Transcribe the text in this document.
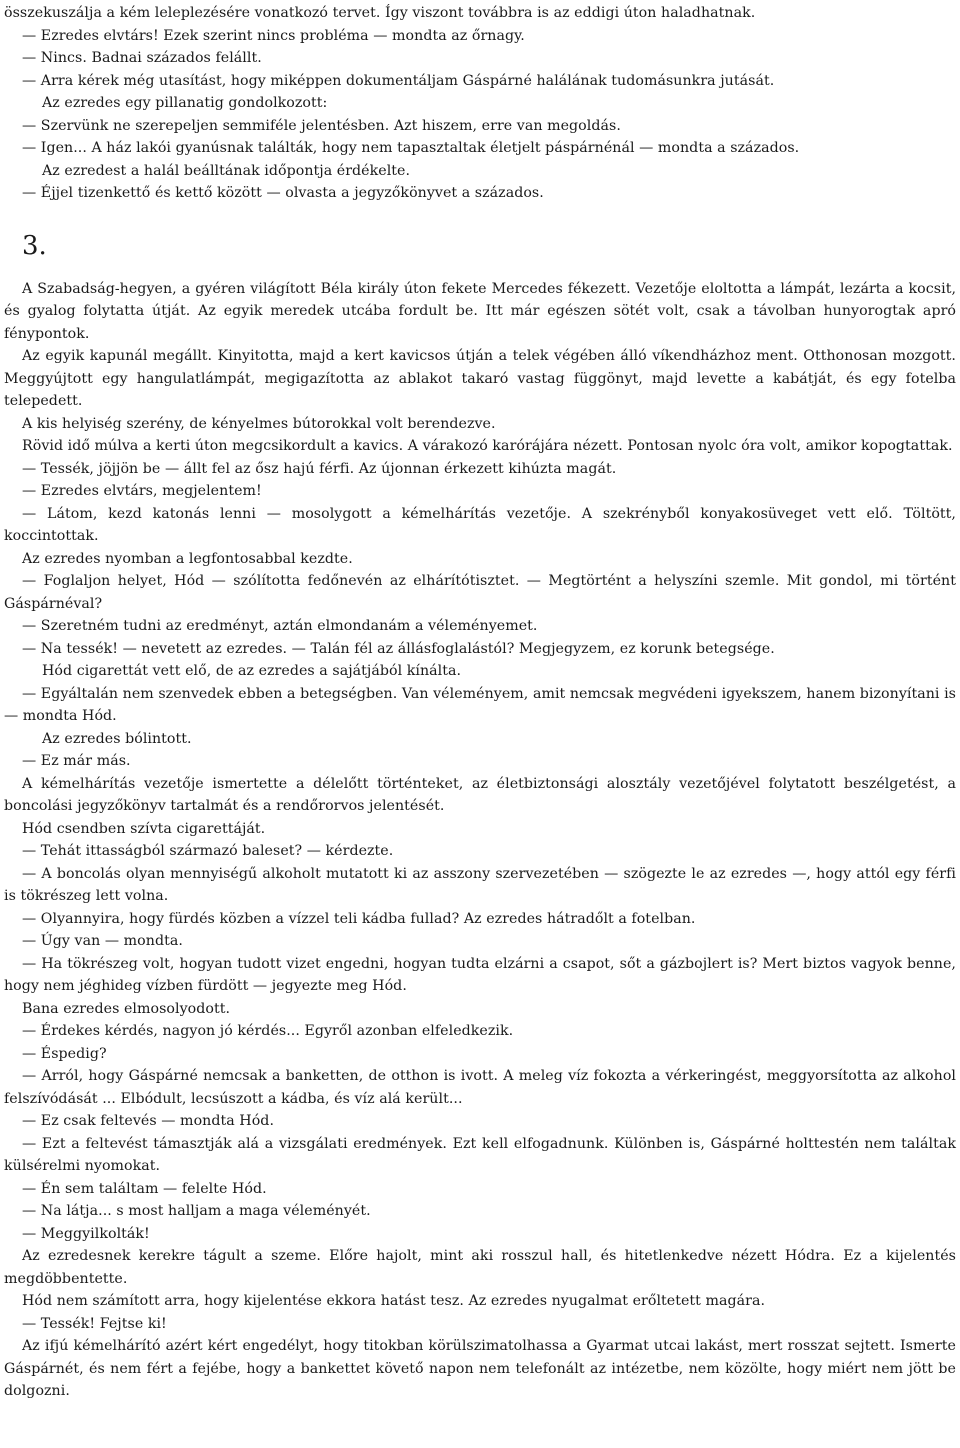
összekuszálja a kém leleplezésére vonatkozó tervet. Így viszont továbbra is az eddigi úton haladhatnak.

— Ezredes elvtárs! Ezek szerint nincs probléma — mondta az őrnagy.

— Nincs. Badnai százados felállt.

— Arra kérek még utasítást, hogy miképpen dokumentáljam Gáspárné halálának tudomásunkra jutását.

Az ezredes egy pillanatig gondolkozott:

— Szervünk ne szerepeljen semmiféle jelentésben. Azt hiszem, erre van megoldás.

— Igen... A ház lakói gyanúsnak találták, hogy nem tapasztaltak életjelt páspárnénál — mondta a százados.

Az ezredest a halál beálltának időpontja érdékelte.

— Éjjel tizenkettő és kettő között — olvasta a jegyzőkönyvet a százados.

3.

A Szabadság-hegyen, a gyéren világított Béla király úton fekete Mercedes fékezett. Vezetője eloltotta a lámpát, lezárta a kocsit, és gyalog folytatta útját. Az egyik meredek utcába fordult be. Itt már egészen sötét volt, csak a távolban hunyorogtak apró fénypontok.

Az egyik kapunál megállt. Kinyitotta, majd a kert kavicsos útján a telek végében álló víkendházhoz ment. Otthonosan mozgott. Meggyújtott egy hangulatlámpát, megigazította az ablakot takaró vastag függönyt, majd levette a kabátját, és egy fotelba telepedett.

A kis helyiség szerény, de kényelmes bútorokkal volt berendezve.

Rövid idő múlva a kerti úton megcsikordult a kavics. A várakozó karórájára nézett. Pontosan nyolc óra volt, amikor kopogtattak.

— Tessék, jöjjön be — állt fel az ősz hajú férfi. Az újonnan érkezett kihúzta magát.

— Ezredes elvtárs, megjelentem!

— Látom, kezd katonás lenni — mosolygott a kémelhárítás vezetője. A szekrényből konyakosüveget vett elő. Töltött, koccintottak.

Az ezredes nyomban a legfontosabbal kezdte.

— Foglaljon helyet, Hód — szólította fedőnevén az elhárítótisztet. — Megtörtént a helyszíni szemle. Mit gondol, mi történt Gáspárnéval?

— Szeretném tudni az eredményt, aztán elmondanám a véleményemet.

— Na tessék! — nevetett az ezredes. — Talán fél az állásfoglalástól? Megjegyzem, ez korunk betegsége.

Hód cigarettát vett elő, de az ezredes a sajátjából kínálta.

— Egyáltalán nem szenvedek ebben a betegségben. Van véleményem, amit nemcsak megvédeni igyekszem, hanem bizonyítani is — mondta Hód.

Az ezredes bólintott.

— Ez már más.

A kémelhárítás vezetője ismertette a délelőtt történteket, az életbiztonsági alosztály vezetőjével folytatott beszélgetést, a boncolási jegyzőkönyv tartalmát és a rendőrorvos jelentését.

Hód csendben szívta cigarettáját.

— Tehát ittasságból származó baleset? — kérdezte.

— A boncolás olyan mennyiségű alkoholt mutatott ki az asszony szervezetében — szögezte le az ezredes —, hogy attól egy férfi is tökrészeg lett volna.

— Olyannyira, hogy fürdés közben a vízzel teli kádba fullad? Az ezredes hátradőlt a fotelban.

— Úgy van — mondta.

— Ha tökrészeg volt, hogyan tudott vizet engedni, hogyan tudta elzárni a csapot, sőt a gázbojlert is? Mert biztos vagyok benne, hogy nem jéghideg vízben fürdött — jegyezte meg Hód.

Bana ezredes elmosolyodott.

— Érdekes kérdés, nagyon jó kérdés... Egyről azonban elfeledkezik.

— Éspedig?

— Arról, hogy Gáspárné nemcsak a banketten, de otthon is ivott. A meleg víz fokozta a vérkeringést, meggyorsította az alkohol felszívódását ... Elbódult, lecsúszott a kádba, és víz alá került...

— Ez csak feltevés — mondta Hód.

— Ezt a feltevést támasztják alá a vizsgálati eredmények. Ezt kell elfogadnunk. Különben is, Gáspárné holttestén nem találtak külsérelmi nyomokat.

— Én sem találtam — felelte Hód.

— Na látja... s most halljam a maga véleményét.

— Meggyilkolták!

Az ezredesnek kerekre tágult a szeme. Előre hajolt, mint aki rosszul hall, és hitetlenkedve nézett Hódra. Ez a kijelentés megdöbbentette.

Hód nem számított arra, hogy kijelentése ekkora hatást tesz. Az ezredes nyugalmat erőltetett magára.

— Tessék! Fejtse ki!

Az ifjú kémelhárító azért kért engedélyt, hogy titokban körülszimatolhassa a Gyarmat utcai lakást, mert rosszat sejtett. Ismerte Gáspárnét, és nem fért a fejébe, hogy a bankettet követő napon nem telefonált az intézetbe, nem közölte, hogy miért nem jött be dolgozni.
